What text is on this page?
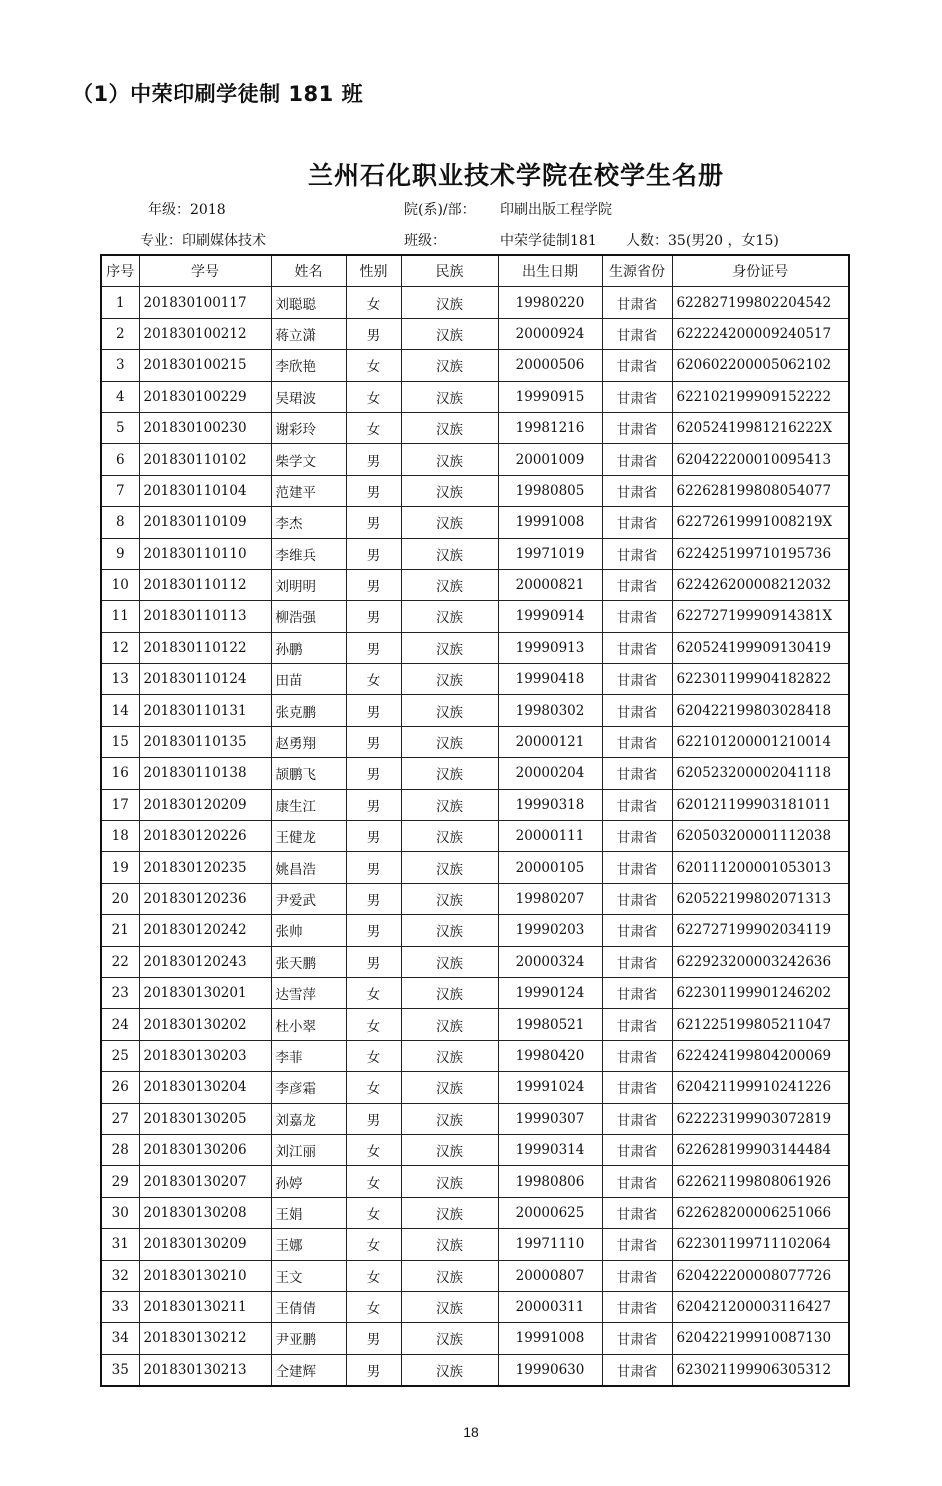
（1）中荣印刷学徒制 181 班
兰州石化职业技术学院在校学生名册
年级：2018	院(系)/部： 印刷出版工程学院
专业：印刷媒体技术	班级：	中荣学徒制181 人数：35(男20 ，女15)
序号	学号	姓名	性别	民族	出生日期	生源省份	身份证号
1	201830100117	刘聪聪	女	汉族	19980220	甘肃省	622827199802204542
2	201830100212	蒋立潇	男	汉族	20000924	甘肃省	622224200009240517
3	201830100215	李欣艳	女	汉族	20000506	甘肃省	620602200005062102
4	201830100229	吴珺波	女	汉族	19990915	甘肃省	622102199909152222
5	201830100230	谢彩玲	女	汉族	19981216	甘肃省	62052419981216222X
6	201830110102	柴学文	男	汉族	20001009	甘肃省	620422200010095413
7	201830110104	范建平	男	汉族	19980805	甘肃省	622628199808054077
8	201830110109	李杰	男	汉族	19991008	甘肃省	62272619991008219X
9	201830110110	李维兵	男	汉族	19971019	甘肃省	622425199710195736
10	201830110112	刘明明	男	汉族	20000821	甘肃省	622426200008212032
11	201830110113	柳浩强	男	汉族	19990914	甘肃省	62272719990914381X
12	201830110122	孙鹏	男	汉族	19990913	甘肃省	620524199909130419
13	201830110124	田苗	女	汉族	19990418	甘肃省	622301199904182822
14	201830110131	张克鹏	男	汉族	19980302	甘肃省	620422199803028418
15	201830110135	赵勇翔	男	汉族	20000121	甘肃省	622101200001210014
16	201830110138	颉鹏飞	男	汉族	20000204	甘肃省	620523200002041118
17	201830120209	康生江	男	汉族	19990318	甘肃省	620121199903181011
18	201830120226	王健龙	男	汉族	20000111	甘肃省	620503200001112038
19	201830120235	姚昌浩	男	汉族	20000105	甘肃省	620111200001053013
20	201830120236	尹爱武	男	汉族	19980207	甘肃省	620522199802071313
21	201830120242	张帅	男	汉族	19990203	甘肃省	622727199902034119
22	201830120243	张天鹏	男	汉族	20000324	甘肃省	622923200003242636
23	201830130201	达雪萍	女	汉族	19990124	甘肃省	622301199901246202
24	201830130202	杜小翠	女	汉族	19980521	甘肃省	621225199805211047
25	201830130203	李菲	女	汉族	19980420	甘肃省	622424199804200069
26	201830130204	李彦霜	女	汉族	19991024	甘肃省	620421199910241226
27	201830130205	刘嘉龙	男	汉族	19990307	甘肃省	622223199903072819
28	201830130206	刘江丽	女	汉族	19990314	甘肃省	622628199903144484
29	201830130207	孙婷	女	汉族	19980806	甘肃省	622621199808061926
30	201830130208	王娟	女	汉族	20000625	甘肃省	622628200006251066
31	201830130209	王娜	女	汉族	19971110	甘肃省	622301199711102064
32	201830130210	王文	女	汉族	20000807	甘肃省	620422200008077726
33	201830130211	王倩倩	女	汉族	20000311	甘肃省	620421200003116427
34	201830130212	尹亚鹏	男	汉族	19991008	甘肃省	620422199910087130
35	201830130213	仝建辉	男	汉族	19990630	甘肃省	623021199906305312
18
